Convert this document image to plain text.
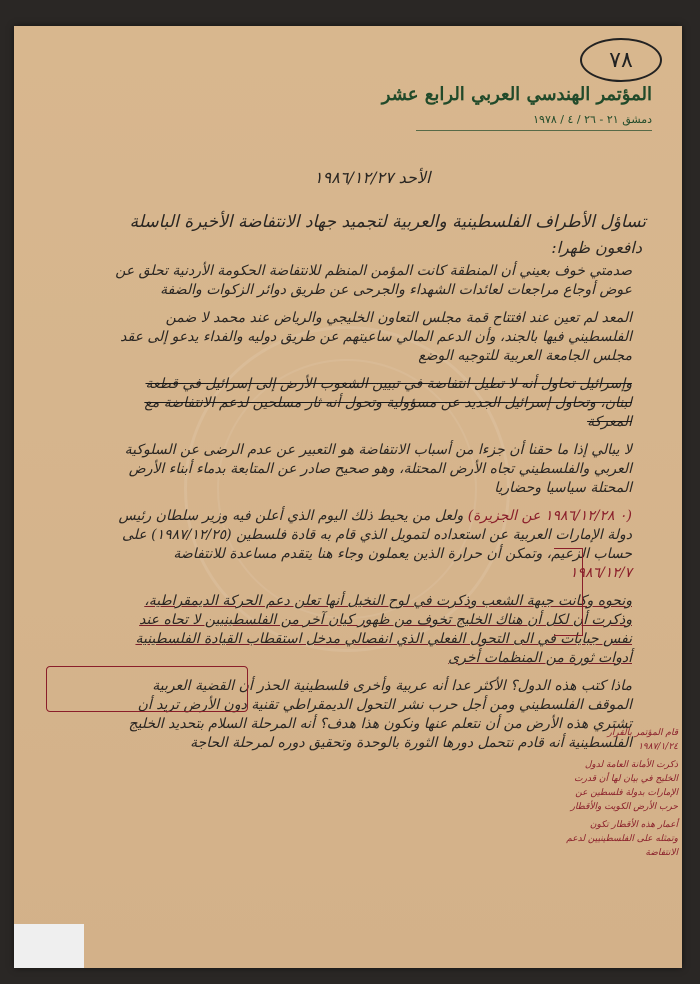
٧٨
المؤتمر الهندسي العربي الرابع عشر
دمشق ٢١ - ٢٦ / ٤ / ١٩٧٨
الأحد ١٩٨٦/١٢/٢٧
تساؤل الأطراف الفلسطينية والعربية لتجميد جهاد الانتفاضة الأخيرة الباسلة
دافعون ظهرا:

صدمتي خوف بعيني أن المنطقة كانت المؤمن المنظم للانتفاضة الحكومة الأردنية تحلق عن عوض أوجاع مراجعات لعائدات الشهداء والجرحى عن طريق دوائر الزكوات والضفة

المعد لم تعين عند افتتاح قمة مجلس التعاون الخليجي والرياض عند محمد لا ضمن الفلسطيني فيها بالجند، وأن الدعم المالي ساعيتهم عن طريق دوليه والفداء يدعو إلى عقد مجلس الجامعة العربية للتوجيه الوضع

وإسرائيل تحاول أنه لا تطيل انتفاضة في تبيين الشعوب الأرض إلى إسرائيل في قطعة لبنان، وتحاول إسرائيل الجديد عن مسؤولية وتحول أنه ثار مسلحين لدعم الانتفاضة مع المعركة

لا يبالي إذا ما حقنا أن جزءا من أسباب الانتفاضة هو التعبير عن عدم الرضى عن السلوكية العربي والفلسطيني تجاه الأرض المحتلة، وهو صحيح صادر عن المتابعة بدماء أبناء الأرض المحتلة سياسيا وحضاريا

(٠ ١٩٨٦/١٢/٢٨ عن الجزيرة) ولعل من يحيط ذلك اليوم الذي أعلن فيه وزير سلطان رئيس دولة الإمارات العربية عن استعداده لتمويل الذي قام به قادة فلسطين (١٩٨٧/١٢/٢٥) على حساب الزعيم، وتمكن أن حرارة الذين يعملون وجاء هنا يتقدم مساعدة للانتفاضة ١٩٨٦/١٢/٧

ونحوه وكانت جبهة الشعب وذكرت في لوح النخيل أنها تعلن دعم الحركة الديمقراطية، وذكرت أن لكل أن هناك الخليج تخوف من ظهور كيان آخر من الفلسطينيين لا تحاه عند نفس جبايات في الى التحول الفعلي الذي انفصالي مدخل استقطاب القيادة الفلسطينية أدوات ثورة من المنظمات أخرى

ماذا كتب هذه الدول؟ الأكثر عدا أنه عربية وأخرى فلسطينية الحذر أن القضية العربية الموقف الفلسطيني ومن أجل حرب نشر التحول الديمقراطي تقنية دون الأرض تريد أن تشتري هذه الأرض من أن نتعلم عنها ونكون هذا هدف؟ أنه المرحلة السلام بتحديد الخليج الفلسطينية أنه قادم نتحمل دورها الثورة بالوحدة وتحقيق دوره لمرحلة الحاجة

قام المؤتمر بالقرار ١٩٨٧/١/٢٤

ذكرت الأمانة العامة لدول الخليج في بيان لها أن قدرت الإمارات بدولة فلسطين عن حرب الأرض الكويت والأقطار

أعمار هذه الأقطار تكون وتمثله على الفلسطينيين لدعم الانتفاضة
